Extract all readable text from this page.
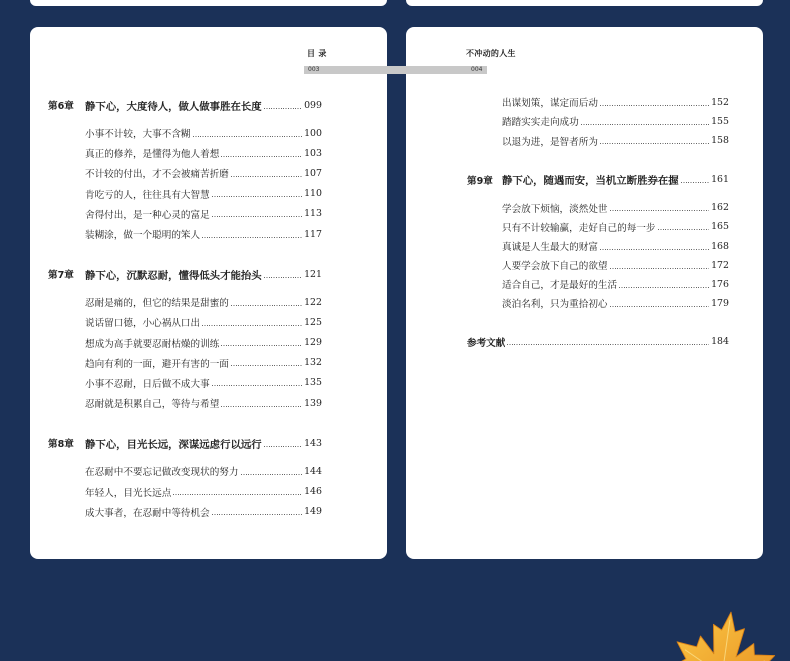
目 录
003
第6章	静下心，大度待人，做人做事胜在长度	099
小事不计较，大事不含糊	100
真正的修养，是懂得为他人着想	103
不计较的付出，才不会被痛苦折磨	107
肯吃亏的人，往往具有大智慧	110
舍得付出，是一种心灵的富足	113
装糊涂，做一个聪明的笨人	117
第7章	静下心，沉默忍耐，懂得低头才能抬头	121
忍耐是痛的，但它的结果是甜蜜的	122
说话留口德，小心祸从口出	125
想成为高手就要忍耐枯燥的训练	129
趋向有利的一面，避开有害的一面	132
小事不忍耐，日后做不成大事	135
忍耐就是积累自己，等待与希望	139
第8章	静下心，目光长远，深谋远虑行以远行	143
在忍耐中不要忘记做改变现状的努力	144
年轻人，目光长远点	146
成大事者，在忍耐中等待机会	149
不冲动的人生
004
出谋划策，谋定而后动	152
踏踏实实走向成功	155
以退为进，是智者所为	158
第9章 静下心，随遇而安，当机立断胜券在握	161
学会放下烦恼，淡然处世	162
只有不计较输赢，走好自己的每一步	165
真诚是人生最大的财富	168
人要学会放下自己的欲望	172
适合自己，才是最好的生活	176
淡泊名利，只为重拾初心	179
参考文献	184
